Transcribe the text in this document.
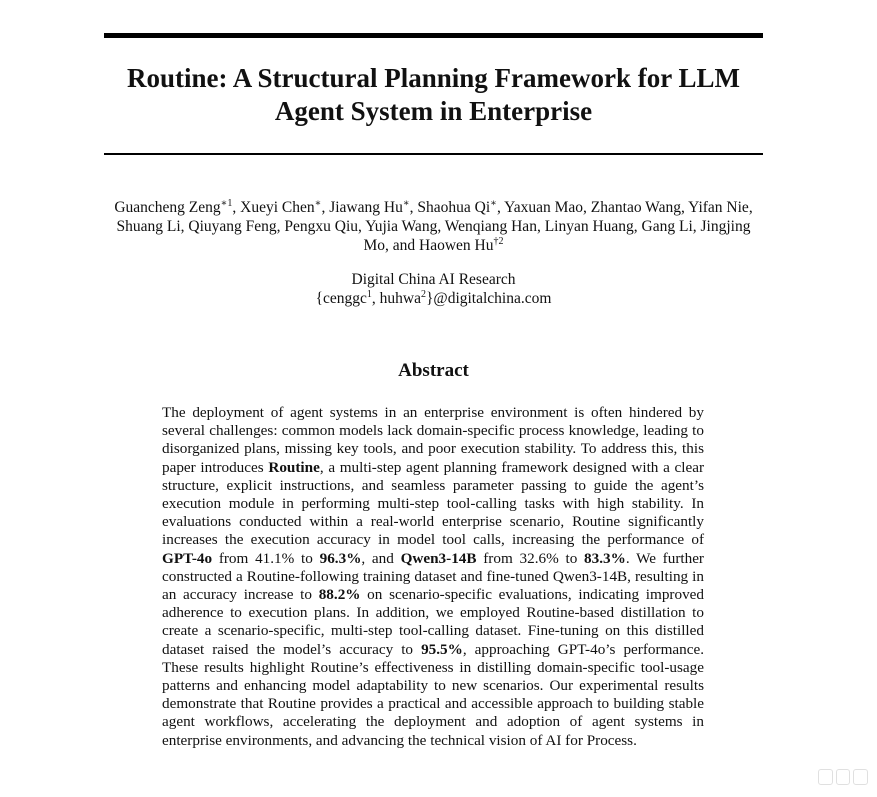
Routine: A Structural Planning Framework for LLM
Agent System in Enterprise
Guancheng Zeng$^{∗1}$, Xueyi Chen∗, Jiawang Hu∗, Shaohua Qi∗, Yaxuan Mao, Zhantao Wang, Yifan Nie, Shuang Li, Qiuyang Feng, Pengxu Qiu, Yujia Wang, Wenqiang Han, Linyan Huang, Gang Li, Jingjing Mo, and Haowen Hu$^{\dagger 2}$
Digital China AI Research
{cenggc$^1$, huhwa$^2$}@digitalchina.com
Abstract
The deployment of agent systems in an enterprise environment is often hindered by several challenges: common models lack domain-specific process knowledge, leading to disorganized plans, missing key tools, and poor execution stability. To address this, this paper introduces Routine, a multi-step agent planning framework designed with a clear structure, explicit instructions, and seamless parameter passing to guide the agent’s execution module in performing multi-step tool-calling tasks with high stability. In evaluations conducted within a real-world enterprise scenario, Routine significantly increases the execution accuracy in model tool calls, increasing the performance of GPT-4o from 41.1% to 96.3%, and Qwen3-14B from 32.6% to 83.3%. We further constructed a Routine-following training dataset and fine-tuned Qwen3-14B, resulting in an accuracy increase to 88.2% on scenario-specific evaluations, indicating improved adherence to execution plans. In addition, we employed Routine-based distillation to create a scenario-specific, multi-step tool-calling dataset. Fine-tuning on this distilled dataset raised the model’s accuracy to 95.5%, approaching GPT-4o’s performance. These results highlight Routine’s effectiveness in distilling domain-specific tool-usage patterns and enhancing model adaptability to new scenarios. Our experimental results demonstrate that Routine provides a practical and accessible approach to building stable agent workflows, accelerating the deployment and adoption of agent systems in enterprise environments, and advancing the technical vision of AI for Process.
